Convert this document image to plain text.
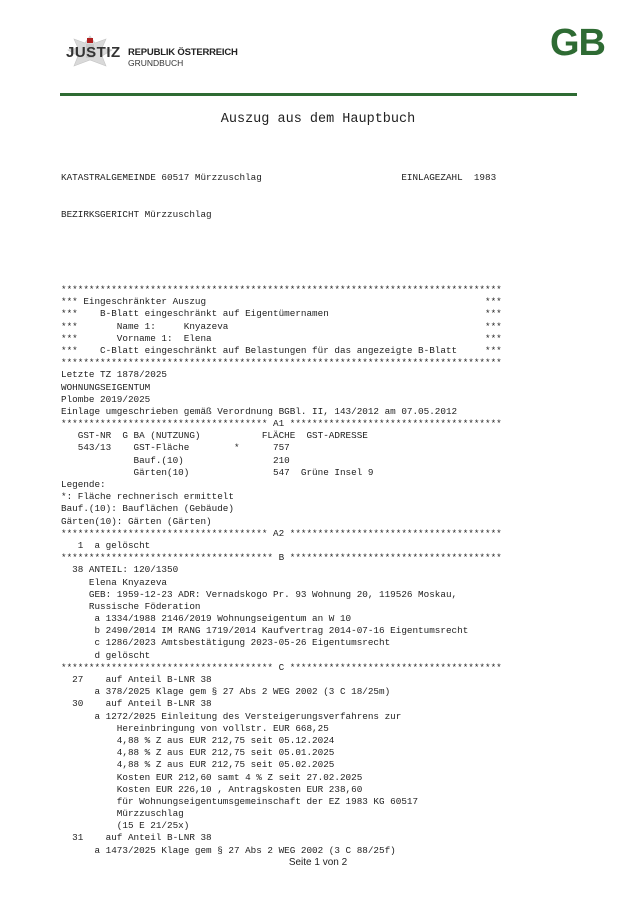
JUSTIZ REPUBLIK ÖSTERREICH
GRUNDBUCH	GB
Auszug aus dem Hauptbuch

KATASTRALGEMEINDE 60517 Mürzzuschlag                         EINLAGEZAHL  1983

BEZIRKSGERICHT Mürzzuschlag

*******************************************************************************
*** Eingeschränkter Auszug                                                  ***
***    B-Blatt eingeschränkt auf Eigentümernamen                            ***
***       Name 1:     Knyazeva                                              ***
***       Vorname 1:  Elena                                                 ***
***    C-Blatt eingeschränkt auf Belastungen für das angezeigte B-Blatt     ***
*******************************************************************************
Letzte TZ 1878/2025
WOHNUNGSEIGENTUM
Plombe 2019/2025
Einlage umgeschrieben gemäß Verordnung BGBl. II, 143/2012 am 07.05.2012
************************************* A1 **************************************
GST-NR  G BA (NUTZUNG)           FLÄCHE  GST-ADRESSE
543/13    GST-Fläche        *      757
Bauf.(10)                210
Gärten(10)               547  Grüne Insel 9
Legende:
*: Fläche rechnerisch ermittelt
Bauf.(10): Bauflächen (Gebäude)
Gärten(10): Gärten (Gärten)
************************************* A2 **************************************
1  a gelöscht
************************************** B **************************************
38 ANTEIL: 120/1350
Elena Knyazeva
GEB: 1959-12-23 ADR: Vernadskogo Pr. 93 Wohnung 20, 119526 Moskau,
Russische Föderation
a 1334/1988 2146/2019 Wohnungseigentum an W 10
b 2490/2014 IM RANG 1719/2014 Kaufvertrag 2014-07-16 Eigentumsrecht
c 1286/2023 Amtsbestätigung 2023-05-26 Eigentumsrecht
d gelöscht
************************************** C **************************************
27    auf Anteil B-LNR 38
a 378/2025 Klage gem § 27 Abs 2 WEG 2002 (3 C 18/25m)
30    auf Anteil B-LNR 38
a 1272/2025 Einleitung des Versteigerungsverfahrens zur
Hereinbringung von vollstr. EUR 668,25
4,88 % Z aus EUR 212,75 seit 05.12.2024
4,88 % Z aus EUR 212,75 seit 05.01.2025
4,88 % Z aus EUR 212,75 seit 05.02.2025
Kosten EUR 212,60 samt 4 % Z seit 27.02.2025
Kosten EUR 226,10 , Antragskosten EUR 238,60
für Wohnungseigentumsgemeinschaft der EZ 1983 KG 60517
Mürzzuschlag
(15 E 21/25x)
31    auf Anteil B-LNR 38
a 1473/2025 Klage gem § 27 Abs 2 WEG 2002 (3 C 88/25f)

Seite 1 von 2
